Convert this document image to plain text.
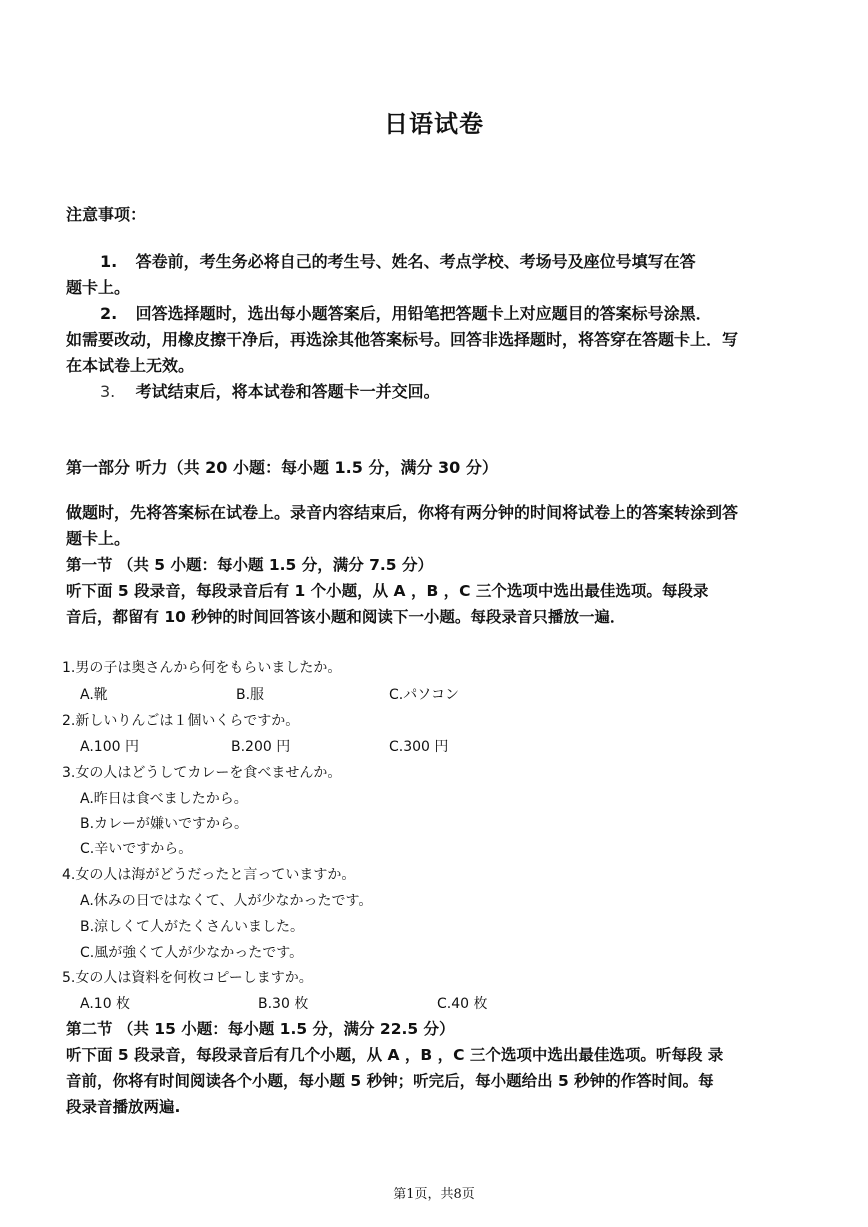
日语试卷
注意事项：
1. 答卷前，考生务必将自己的考生号、姓名、考点学校、考场号及座位号填写在答
题卡上。
2. 回答选择题时，选出每小题答案后，用铅笔把答题卡上对应题目的答案标号涂黑．
如需要改动，用橡皮擦干净后，再选涂其他答案标号。回答非选择题时，将答穿在答题卡上．写
在本试卷上无效。
3. 考试结束后，将本试卷和答题卡一并交回。
第一部分 听力（共 20 小题：每小题 1.5 分，满分 30 分）
做题时，先将答案标在试卷上。录音内容结束后，你将有两分钟的时间将试卷上的答案转涂到答
题卡上。
第一节 （共 5 小题：每小题 1.5 分，满分 7.5 分）
听下面 5 段录音，每段录音后有 1 个小题，从 A ，B ，C 三个选项中选出最佳选项。每段录
音后，都留有 10 秒钟的时间回答该小题和阅读下一小题。每段录音只播放一遍．
1.男の子は奥さんから何をもらいましたか。
A.靴	B.服	C.パソコン
2.新しいりんごは１個いくらですか。
A.100 円	B.200 円	C.300 円
3.女の人はどうしてカレーを食べませんか。
A.昨日は食べましたから。
B.カレーが嫌いですから。
C.辛いですから。
4.女の人は海がどうだったと言っていますか。
A.休みの日ではなくて、人が少なかったです。
B.涼しくて人がたくさんいました。
C.風が強くて人が少なかったです。
5.女の人は資料を何枚コピーしますか。
A.10 枚	B.30 枚	C.40 枚
第二节 （共 15 小题：每小题 1.5 分，满分 22.5 分）
听下面 5 段录音，每段录音后有几个小题，从 A ，B ，C 三个选项中选出最佳选项。听每段 录
音前，你将有时间阅读各个小题，每小题 5 秒钟；听完后，每小题给出 5 秒钟的作答时间。每
段录音播放两遍.
第1页，共8页
